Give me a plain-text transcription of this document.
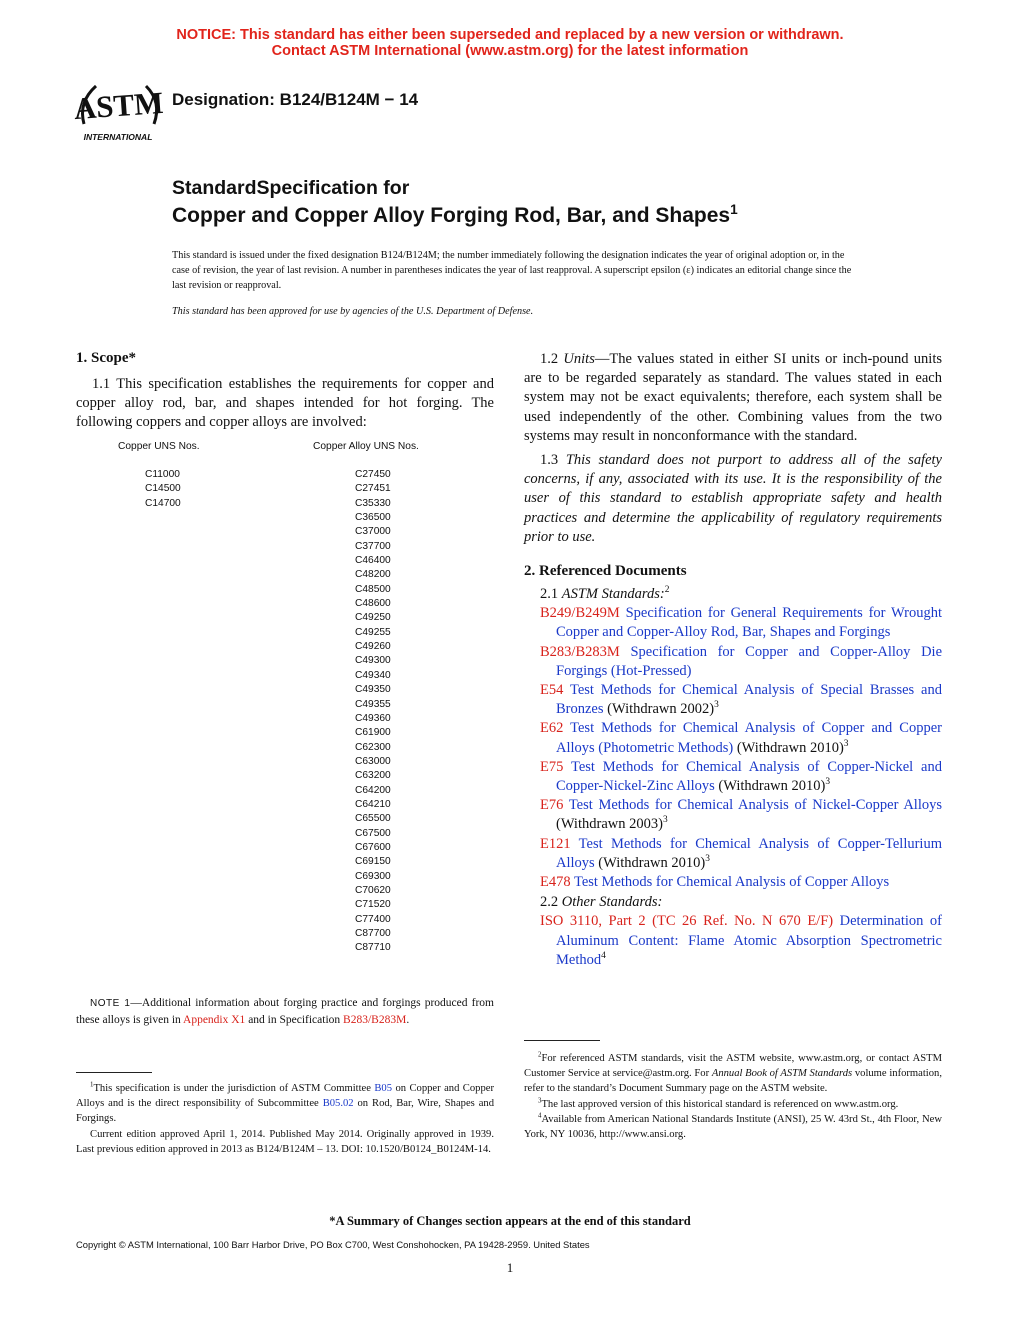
NOTICE: This standard has either been superseded and replaced by a new version or withdrawn.
Contact ASTM International (www.astm.org) for the latest information
ASTM
INTERNATIONAL
Designation: B124/B124M − 14
StandardSpecification for
Copper and Copper Alloy Forging Rod, Bar, and Shapes$^1$

This standard is issued under the fixed designation B124/B124M; the number immediately following the designation indicates the year of original adoption or, in the case of revision, the year of last revision. A number in parentheses indicates the year of last reapproval. A superscript epsilon (ε) indicates an editorial change since the last revision or reapproval.

This standard has been approved for use by agencies of the U.S. Department of Defense.

1. Scope*

1.1 This specification establishes the requirements for copper and copper alloy rod, bar, and shapes intended for hot forging. The following coppers and copper alloys are involved:

Copper UNS Nos.	Copper Alloy UNS Nos.
C11000
C14500
C14700
C27450
C27451
C35330
C36500
C37000
C37700
C46400
C48200
C48500
C48600
C49250
C49255
C49260
C49300
C49340
C49350
C49355
C49360
C61900
C62300
C63000
C63200
C64200
C64210
C65500
C67500
C67600
C69150
C69300
C70620
C71520
C77400
C87700
C87710

NOTE 1—Additional information about forging practice and forgings produced from these alloys is given in Appendix X1 and in Specification B283/B283M.

$^1$This specification is under the jurisdiction of ASTM Committee B05 on Copper and Copper Alloys and is the direct responsibility of Subcommittee B05.02 on Rod, Bar, Wire, Shapes and Forgings.

Current edition approved April 1, 2014. Published May 2014. Originally approved in 1939. Last previous edition approved in 2013 as B124/B124M – 13. DOI: 10.1520/B0124_B0124M-14.

1.2 Units—The values stated in either SI units or inch-pound units are to be regarded separately as standard. The values stated in each system may not be exact equivalents; therefore, each system shall be used independently of the other. Combining values from the two systems may result in nonconformance with the standard.

1.3 This standard does not purport to address all of the safety concerns, if any, associated with its use. It is the responsibility of the user of this standard to establish appropriate safety and health practices and determine the applicability of regulatory requirements prior to use.

2. Referenced Documents

2.1 ASTM Standards:$^2$

B249/B249M Specification for General Requirements for Wrought Copper and Copper-Alloy Rod, Bar, Shapes and Forgings

B283/B283M Specification for Copper and Copper-Alloy Die Forgings (Hot-Pressed)

E54 Test Methods for Chemical Analysis of Special Brasses and Bronzes (Withdrawn 2002)$^3$

E62 Test Methods for Chemical Analysis of Copper and Copper Alloys (Photometric Methods) (Withdrawn 2010)$^3$

E75 Test Methods for Chemical Analysis of Copper-Nickel and Copper-Nickel-Zinc Alloys (Withdrawn 2010)$^3$

E76 Test Methods for Chemical Analysis of Nickel-Copper Alloys (Withdrawn 2003)$^3$

E121 Test Methods for Chemical Analysis of Copper-Tellurium Alloys (Withdrawn 2010)$^3$

E478 Test Methods for Chemical Analysis of Copper Alloys

2.2 Other Standards:

ISO 3110, Part 2 (TC 26 Ref. No. N 670 E/F) Determination of Aluminum Content: Flame Atomic Absorption Spectrometric Method$^4$

$^2$For referenced ASTM standards, visit the ASTM website, www.astm.org, or contact ASTM Customer Service at service@astm.org. For Annual Book of ASTM Standards volume information, refer to the standard’s Document Summary page on the ASTM website.

$^3$The last approved version of this historical standard is referenced on www.astm.org.

$^4$Available from American National Standards Institute (ANSI), 25 W. 43rd St., 4th Floor, New York, NY 10036, http://www.ansi.org.

*A Summary of Changes section appears at the end of this standard
Copyright © ASTM International, 100 Barr Harbor Drive, PO Box C700, West Conshohocken, PA 19428-2959. United States
1
